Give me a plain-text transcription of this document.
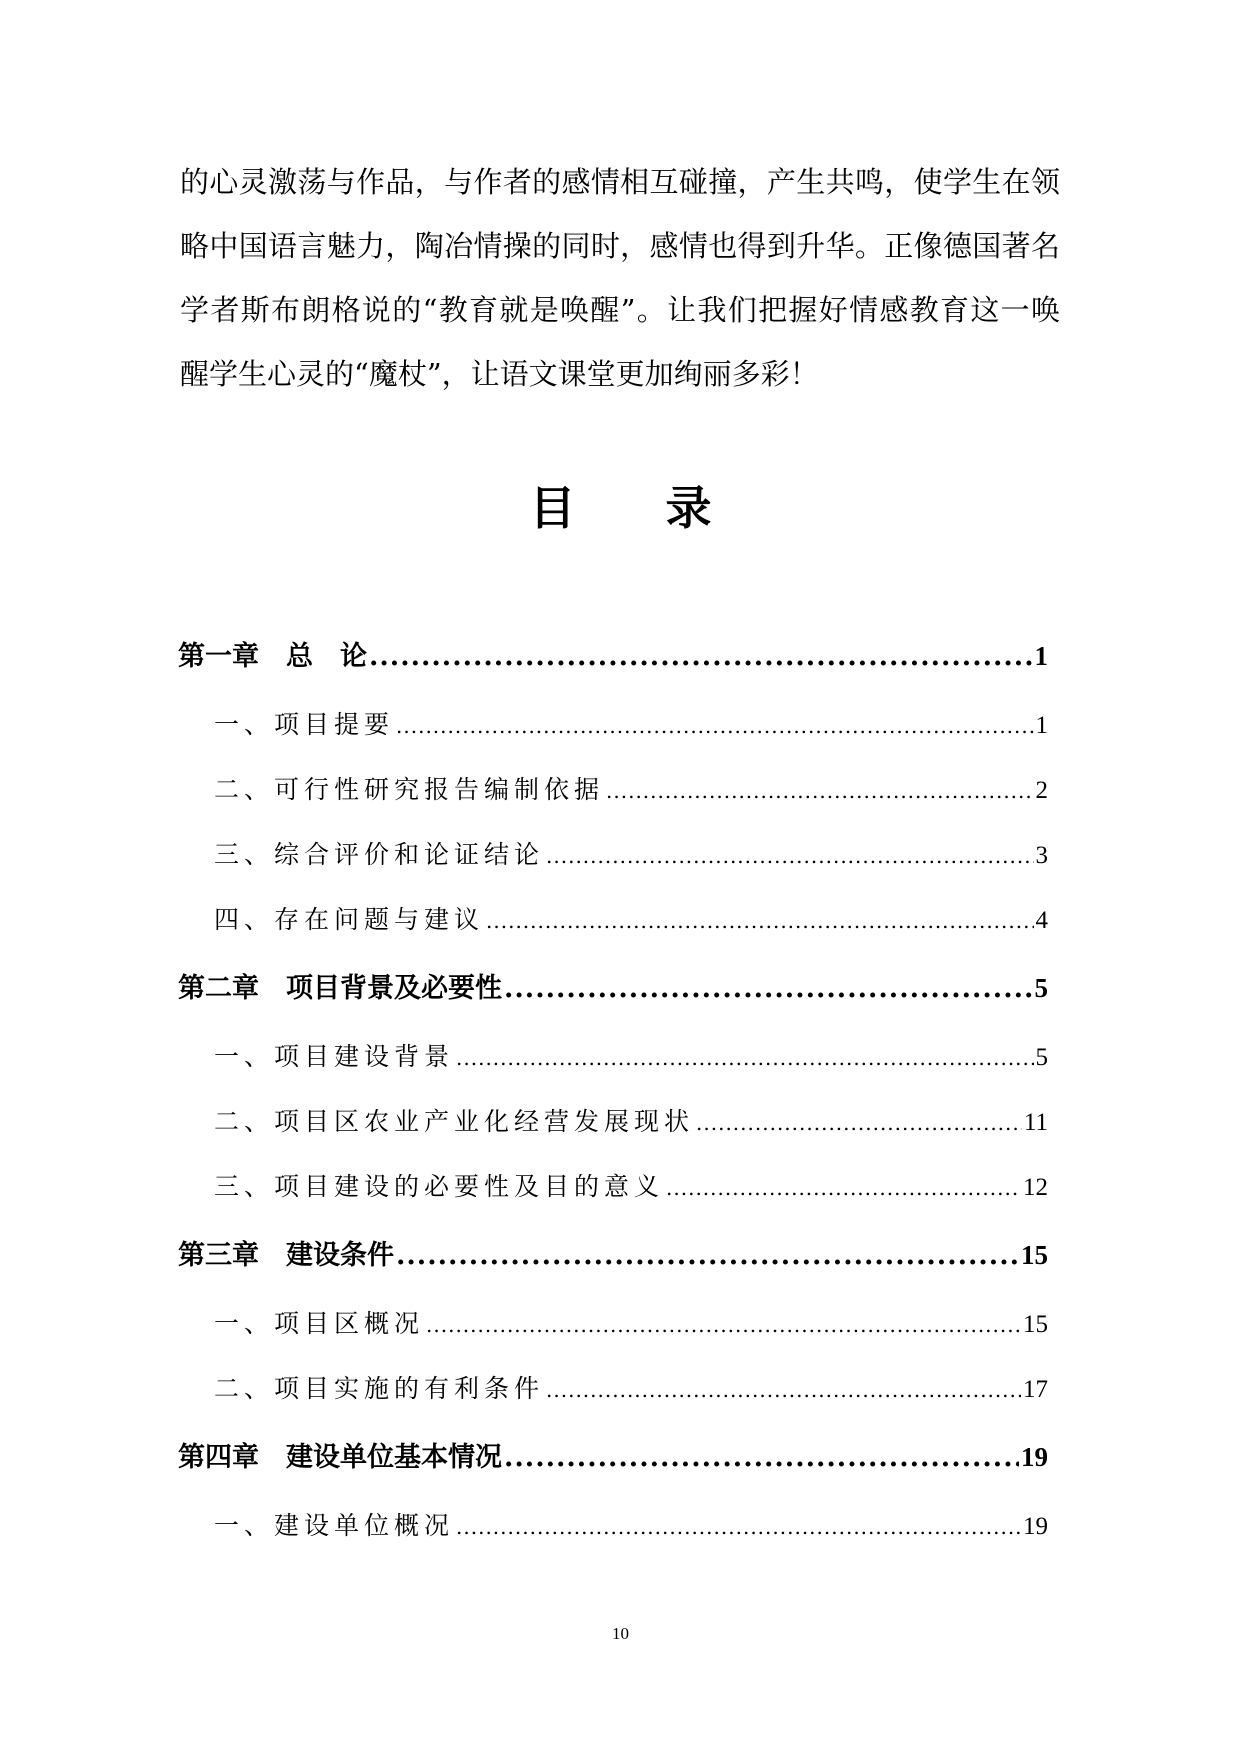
的心灵激荡与作品，与作者的感情相互碰撞，产生共鸣，使学生在领
略中国语言魅力，陶冶情操的同时，感情也得到升华。正像德国著名
学者斯布朗格说的“教育就是唤醒”。让我们把握好情感教育这一唤
醒学生心灵的“魔杖”，让语文课堂更加绚丽多彩！
目录
第一章　总　论 .....	1
一、项目提要 .....	1
二、可行性研究报告编制依据 .....	2
三、综合评价和论证结论 .....	3
四、存在问题与建议 .....	4
第二章　项目背景及必要性 .....	5
一、项目建设背景 .....	5
二、项目区农业产业化经营发展现状 .....	11
三、项目建设的必要性及目的意义 .....	12
第三章　建设条件 .....	15
一、项目区概况 .....	15
二、项目实施的有利条件 .....	17
第四章　建设单位基本情况 .....	19
一、建设单位概况 .....	19
10
